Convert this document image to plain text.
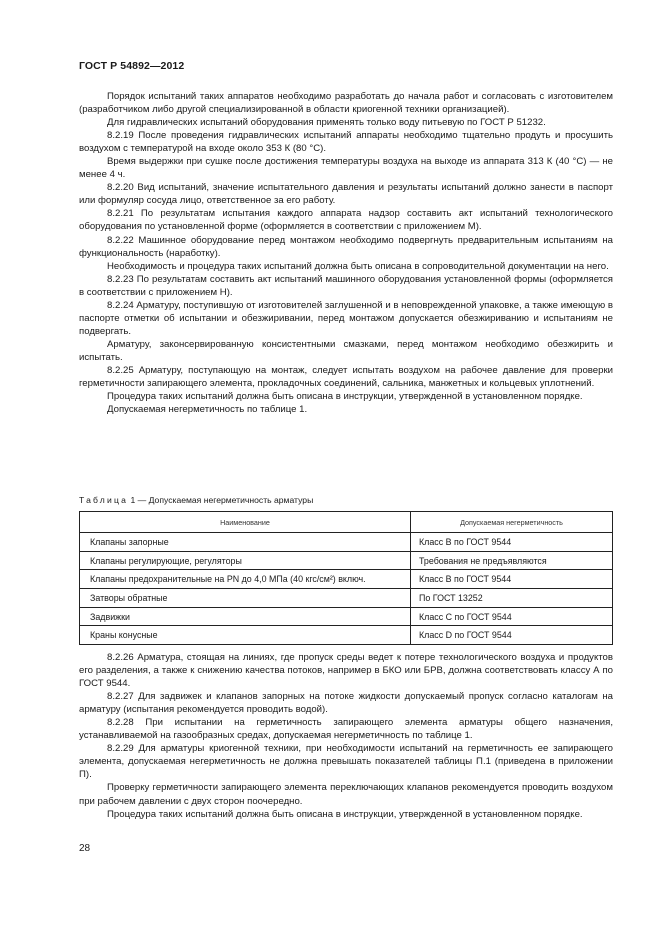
ГОСТ Р 54892—2012

Порядок испытаний таких аппаратов необходимо разработать до начала работ и согласовать с изготовителем (разработчиком либо другой специализированной в области криогенной техники организацией).

Для гидравлических испытаний оборудования применять только воду питьевую по ГОСТ Р 51232.

8.2.19 После проведения гидравлических испытаний аппараты необходимо тщательно продуть и просушить воздухом с температурой на входе около 353 К (80 °С).

Время выдержки при сушке после достижения температуры воздуха на выходе из аппарата 313 К (40 °С) — не менее 4 ч.

8.2.20 Вид испытаний, значение испытательного давления и результаты испытаний должно занести в паспорт или формуляр сосуда лицо, ответственное за его работу.

8.2.21 По результатам испытания каждого аппарата надзор составить акт испытаний технологического оборудования по установленной форме (оформляется в соответствии с приложением М).

8.2.22 Машинное оборудование перед монтажом необходимо подвергнуть предварительным испытаниям на функциональность (наработку).

Необходимость и процедура таких испытаний должна быть описана в сопроводительной документации на него.

8.2.23 По результатам составить акт испытаний машинного оборудования установленной формы (оформляется в соответствии с приложением Н).

8.2.24 Арматуру, поступившую от изготовителей заглушенной и в неповрежденной упаковке, а также имеющую в паспорте отметки об испытании и обезжиривании, перед монтажом допускается обезжириванию и испытаниям не подвергать.

Арматуру, законсервированную консистентными смазками, перед монтажом необходимо обезжирить и испытать.

8.2.25 Арматуру, поступающую на монтаж, следует испытать воздухом на рабочее давление для проверки герметичности запирающего элемента, прокладочных соединений, сальника, манжетных и кольцевых уплотнений.

Процедура таких испытаний должна быть описана в инструкции, утвержденной в установленном порядке.

Допускаемая негерметичность по таблице 1.

Таблица 1 — Допускаемая негерметичность арматуры
Наименование	Допускаемая негерметичность
Клапаны запорные	Класс В по ГОСТ 9544
Клапаны регулирующие, регуляторы	Требования не предъявляются
Клапаны предохранительные на PN до 4,0 МПа (40 кгс/см²) включ.	Класс В по ГОСТ 9544
Затворы обратные	По ГОСТ 13252
Задвижки	Класс С по ГОСТ 9544
Краны конусные	Класс D по ГОСТ 9544

8.2.26 Арматура, стоящая на линиях, где пропуск среды ведет к потере технологического воздуха и продуктов его разделения, а также к снижению качества потоков, например в БКО или БРВ, должна соответствовать классу А по ГОСТ 9544.

8.2.27 Для задвижек и клапанов запорных на потоке жидкости допускаемый пропуск согласно каталогам на арматуру (испытания рекомендуется проводить водой).

8.2.28 При испытании на герметичность запирающего элемента арматуры общего назначения, устанавливаемой на газообразных средах, допускаемая негерметичность по таблице 1.

8.2.29 Для арматуры криогенной техники, при необходимости испытаний на герметичность ее запирающего элемента, допускаемая негерметичность не должна превышать показателей таблицы П.1 (приведена в приложении П).

Проверку герметичности запирающего элемента переключающих клапанов рекомендуется проводить воздухом при рабочем давлении с двух сторон поочередно.

Процедура таких испытаний должна быть описана в инструкции, утвержденной в установленном порядке.

28
